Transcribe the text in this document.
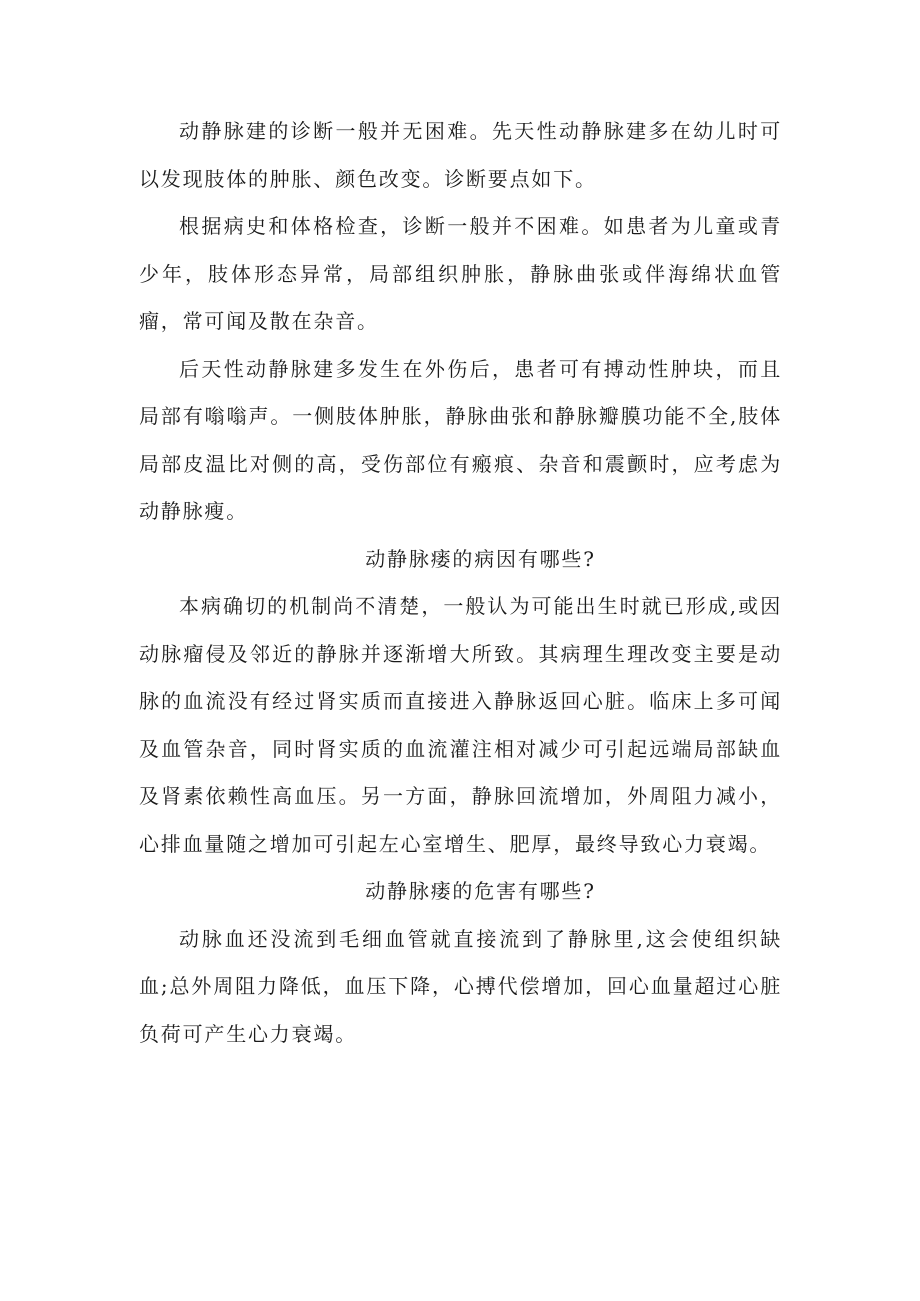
动静脉建的诊断一般并无困难。先天性动静脉建多在幼儿时可以发现肢体的肿胀、颜色改变。诊断要点如下。

根据病史和体格检查，诊断一般并不困难。如患者为儿童或青少年，肢体形态异常，局部组织肿胀，静脉曲张或伴海绵状血管瘤，常可闻及散在杂音。

后天性动静脉建多发生在外伤后，患者可有搏动性肿块，而且局部有嗡嗡声。一侧肢体肿胀，静脉曲张和静脉瓣膜功能不全,肢体局部皮温比对侧的高，受伤部位有瘢痕、杂音和震颤时，应考虑为动静脉瘦。

动静脉瘘的病因有哪些?

本病确切的机制尚不清楚，一般认为可能出生时就已形成,或因动脉瘤侵及邻近的静脉并逐渐增大所致。其病理生理改变主要是动脉的血流没有经过肾实质而直接进入静脉返回心脏。临床上多可闻及血管杂音，同时肾实质的血流灌注相对减少可引起远端局部缺血及肾素依赖性高血压。另一方面，静脉回流增加，外周阻力减小，心排血量随之增加可引起左心室增生、肥厚，最终导致心力衰竭。

动静脉瘘的危害有哪些?

动脉血还没流到毛细血管就直接流到了静脉里,这会使组织缺血;总外周阻力降低，血压下降，心搏代偿增加，回心血量超过心脏负荷可产生心力衰竭。
